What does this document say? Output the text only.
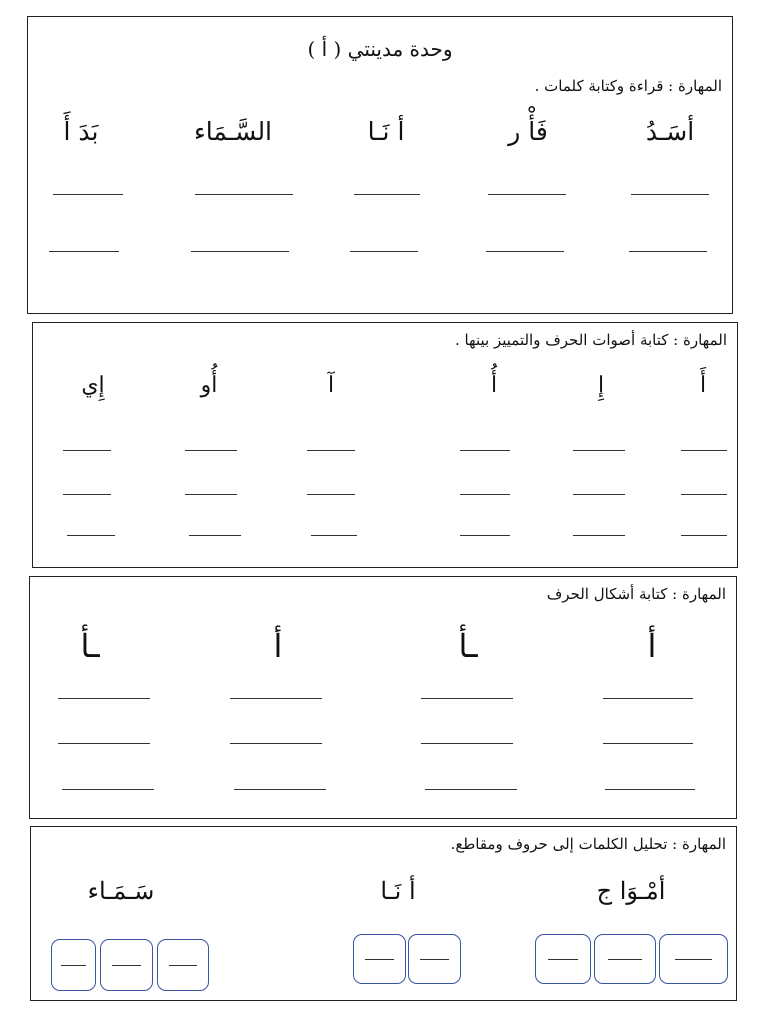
وحدة مدينتي ( أ )
المهارة : قراءة وكتابة كلمات .
أسَـدُ
فَأْ ر
أ نَـا
السَّـمَاء
بَدَ أَ
المهارة : كتابة أصوات الحرف والتمييز بينها .
أَ
إِ
أُ
آ
أُو
إِي
المهارة : كتابة أشكال الحرف
أ
ـأ
أ
ـأ
المهارة : تحليل الكلمات إلى حروف ومقاطع.
أمْـوَا ج
أ نَـا
سَـمَـاء
